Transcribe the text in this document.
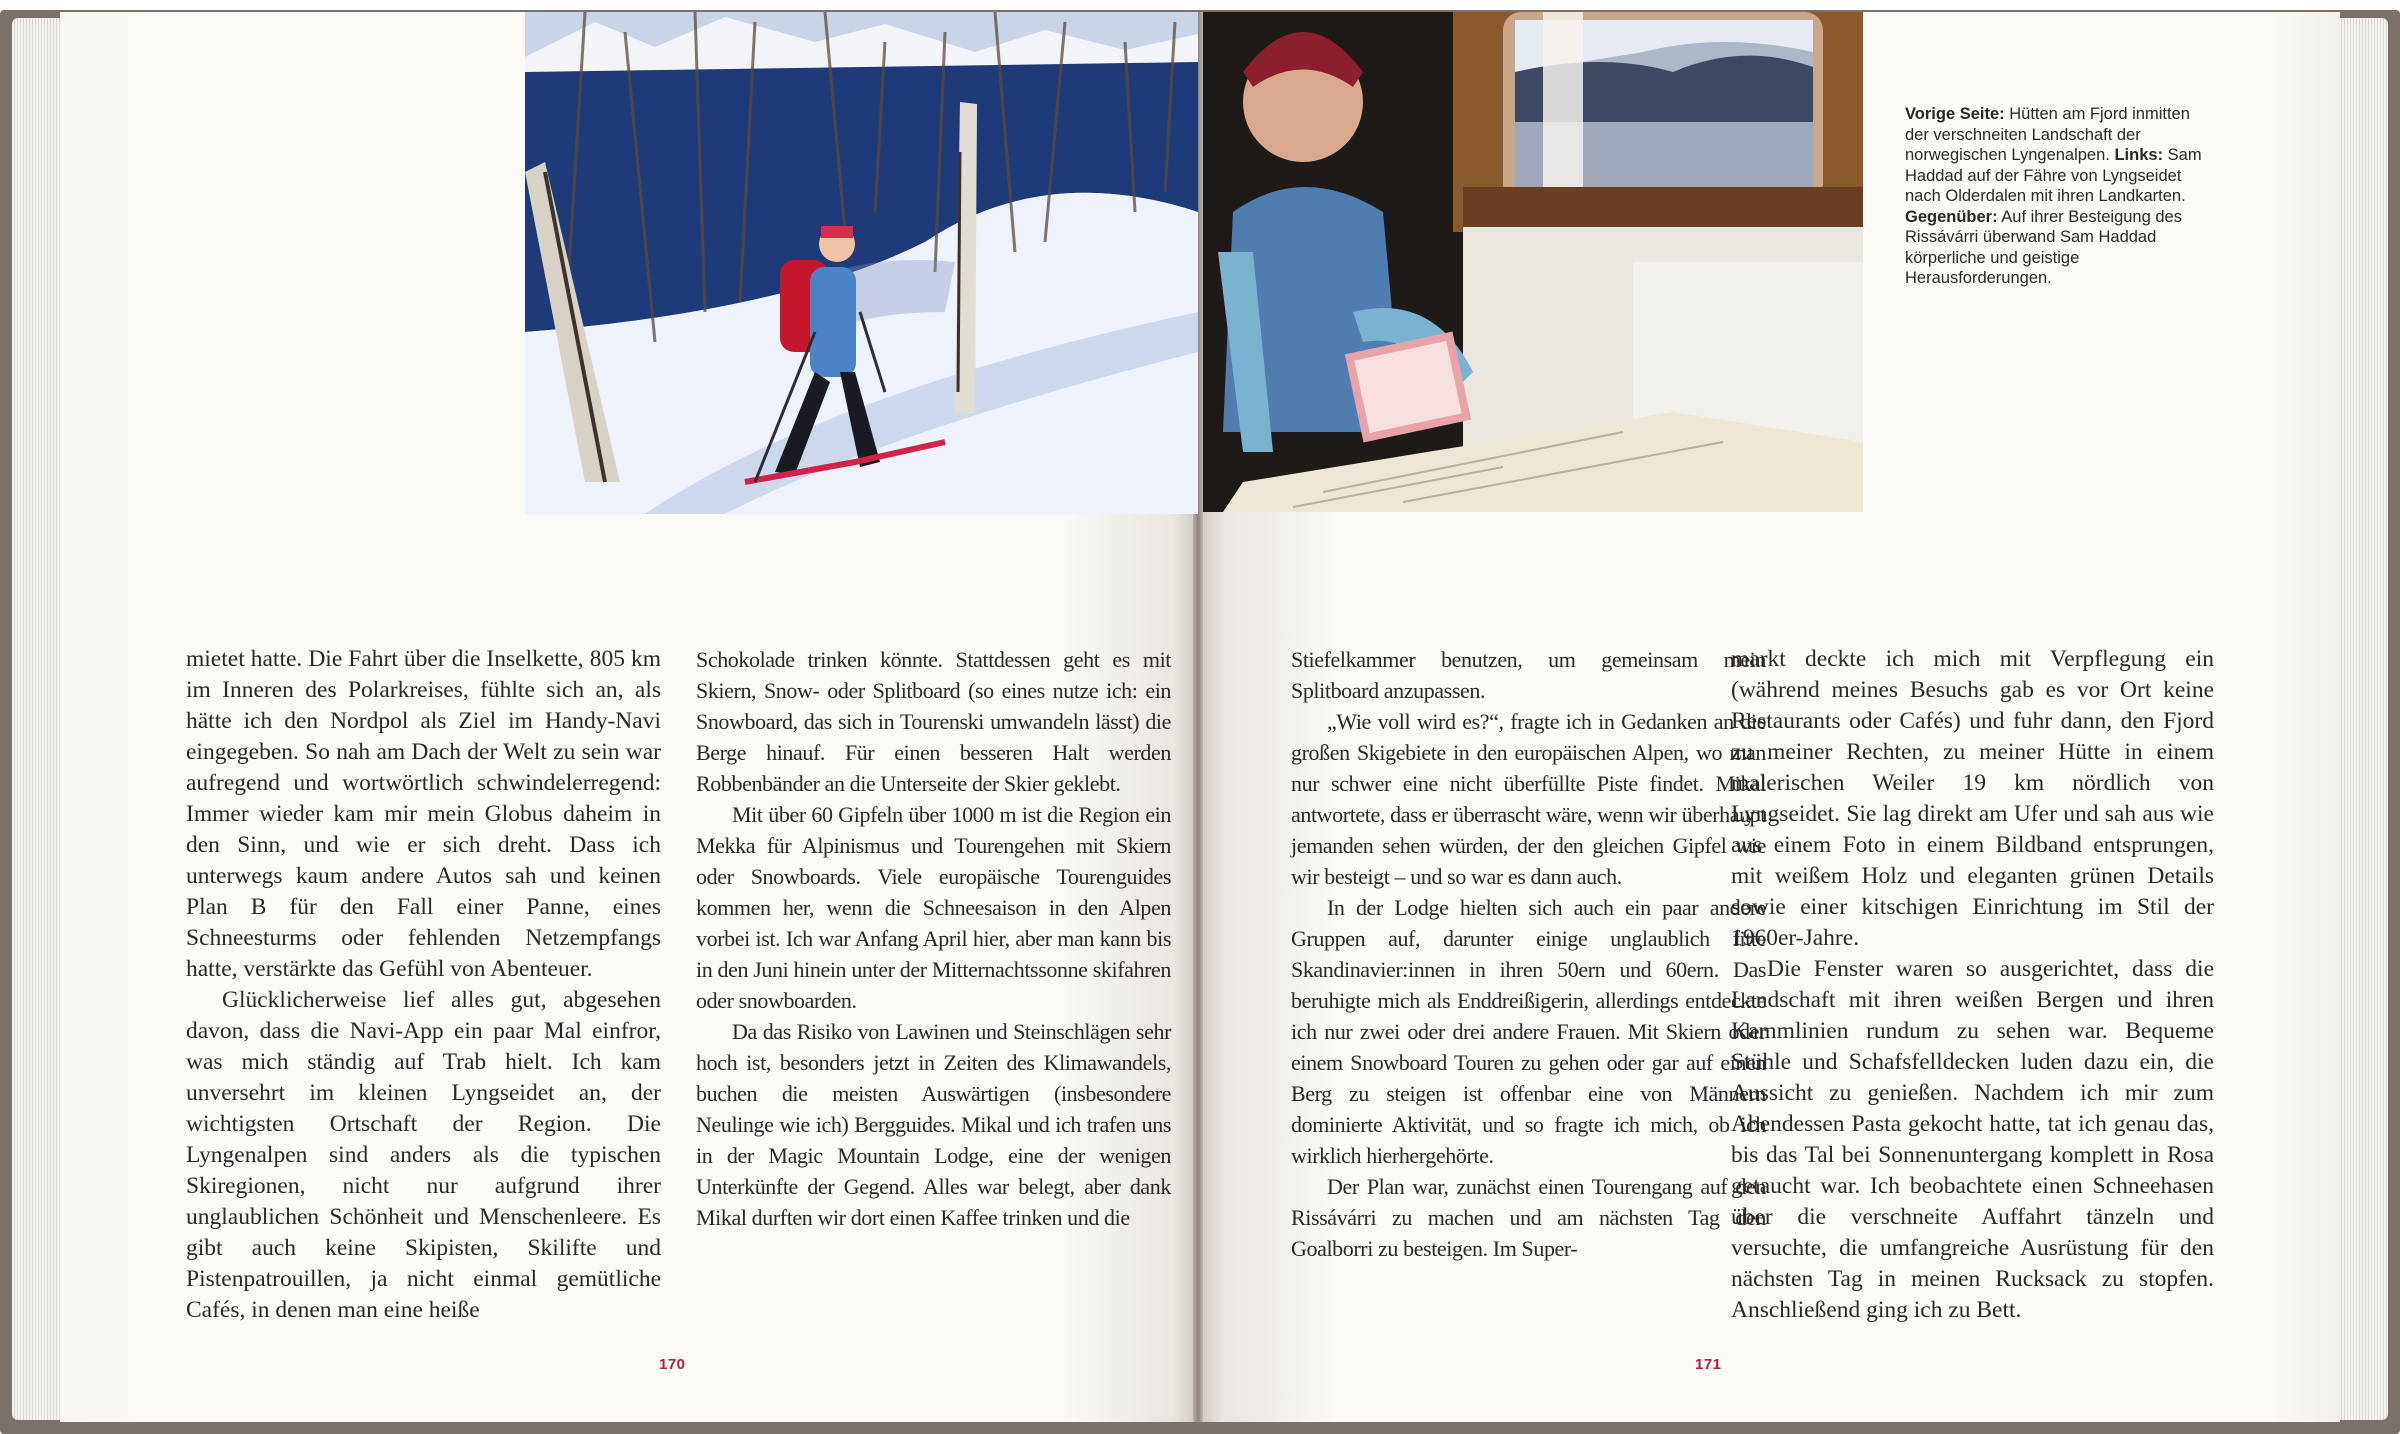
Vorige Seite: Hütten am Fjord inmitten der verschneiten Landschaft der norwegischen Lyngenalpen. Links: Sam Haddad auf der Fähre von Lyngseidet nach Olderdalen mit ihren Landkarten. Gegenüber: Auf ihrer Besteigung des Rissávárri überwand Sam Haddad körperliche und geistige Herausforderungen.

mietet hatte. Die Fahrt über die Inselkette, 805 km im Inneren des Polarkreises, fühlte sich an, als hätte ich den Nordpol als Ziel im Handy-Navi eingegeben. So nah am Dach der Welt zu sein war aufregend und wortwörtlich schwindelerregend: Immer wieder kam mir mein Globus daheim in den Sinn, und wie er sich dreht. Dass ich unterwegs kaum andere Autos sah und keinen Plan B für den Fall einer Panne, eines Schneesturms oder fehlenden Netzempfangs hatte, verstärkte das Gefühl von Abenteuer.

Glücklicherweise lief alles gut, abgesehen davon, dass die Navi-App ein paar Mal einfror, was mich ständig auf Trab hielt. Ich kam unversehrt im kleinen Lyngseidet an, der wichtigsten Ortschaft der Region. Die Lyngenalpen sind anders als die typischen Skiregionen, nicht nur aufgrund ihrer unglaublichen Schönheit und Menschenleere. Es gibt auch keine Skipisten, Skilifte und Pistenpatrouillen, ja nicht einmal gemütliche Cafés, in denen man eine heiße

Schokolade trinken könnte. Stattdessen geht es mit Skiern, Snow- oder Splitboard (so eines nutze ich: ein Snowboard, das sich in Tourenski umwandeln lässt) die Berge hinauf. Für einen besseren Halt werden Robbenbänder an die Unterseite der Skier geklebt.

Mit über 60 Gipfeln über 1000 m ist die Region ein Mekka für Alpinismus und Tourengehen mit Skiern oder Snowboards. Viele europäische Tourenguides kommen her, wenn die Schneesaison in den Alpen vorbei ist. Ich war Anfang April hier, aber man kann bis in den Juni hinein unter der Mitternachtssonne skifahren oder snowboarden.

Da das Risiko von Lawinen und Steinschlägen sehr hoch ist, besonders jetzt in Zeiten des Klimawandels, buchen die meisten Auswärtigen (insbesondere Neulinge wie ich) Bergguides. Mikal und ich trafen uns in der Magic Mountain Lodge, eine der wenigen Unterkünfte der Gegend. Alles war belegt, aber dank Mikal durften wir dort einen Kaffee trinken und die

Stiefelkammer benutzen, um gemeinsam mein Splitboard anzupassen.

„Wie voll wird es?“, fragte ich in Gedanken an die großen Skigebiete in den europäischen Alpen, wo man nur schwer eine nicht überfüllte Piste findet. Mikal antwortete, dass er überrascht wäre, wenn wir überhaupt jemanden sehen würden, der den gleichen Gipfel wie wir besteigt – und so war es dann auch.

In der Lodge hielten sich auch ein paar andere Gruppen auf, darunter einige unglaublich fitte Skandinavier:innen in ihren 50ern und 60ern. Das beruhigte mich als Enddreißigerin, allerdings entdeckte ich nur zwei oder drei andere Frauen. Mit Skiern oder einem Snowboard Touren zu gehen oder gar auf einen Berg zu steigen ist offenbar eine von Männern dominierte Aktivität, und so fragte ich mich, ob ich wirklich hierhergehörte.

Der Plan war, zunächst einen Tourengang auf den Rissávárri zu machen und am nächsten Tag den Goalborri zu besteigen. Im Super-

markt deckte ich mich mit Verpflegung ein (während meines Besuchs gab es vor Ort keine Restaurants oder Cafés) und fuhr dann, den Fjord zu meiner Rechten, zu meiner Hütte in einem malerischen Weiler 19 km nördlich von Lyngseidet. Sie lag direkt am Ufer und sah aus wie aus einem Foto in einem Bildband entsprungen, mit weißem Holz und eleganten grünen Details sowie einer kitschigen Einrichtung im Stil der 1960er-Jahre.

Die Fenster waren so ausgerichtet, dass die Landschaft mit ihren weißen Bergen und ihren Kammlinien rundum zu sehen war. Bequeme Stühle und Schafsfelldecken luden dazu ein, die Aussicht zu genießen. Nachdem ich mir zum Abendessen Pasta gekocht hatte, tat ich genau das, bis das Tal bei Sonnenuntergang komplett in Rosa getaucht war. Ich beobachtete einen Schneehasen über die verschneite Auffahrt tänzeln und versuchte, die umfangreiche Ausrüstung für den nächsten Tag in meinen Rucksack zu stopfen. Anschließend ging ich zu Bett.

170	171
